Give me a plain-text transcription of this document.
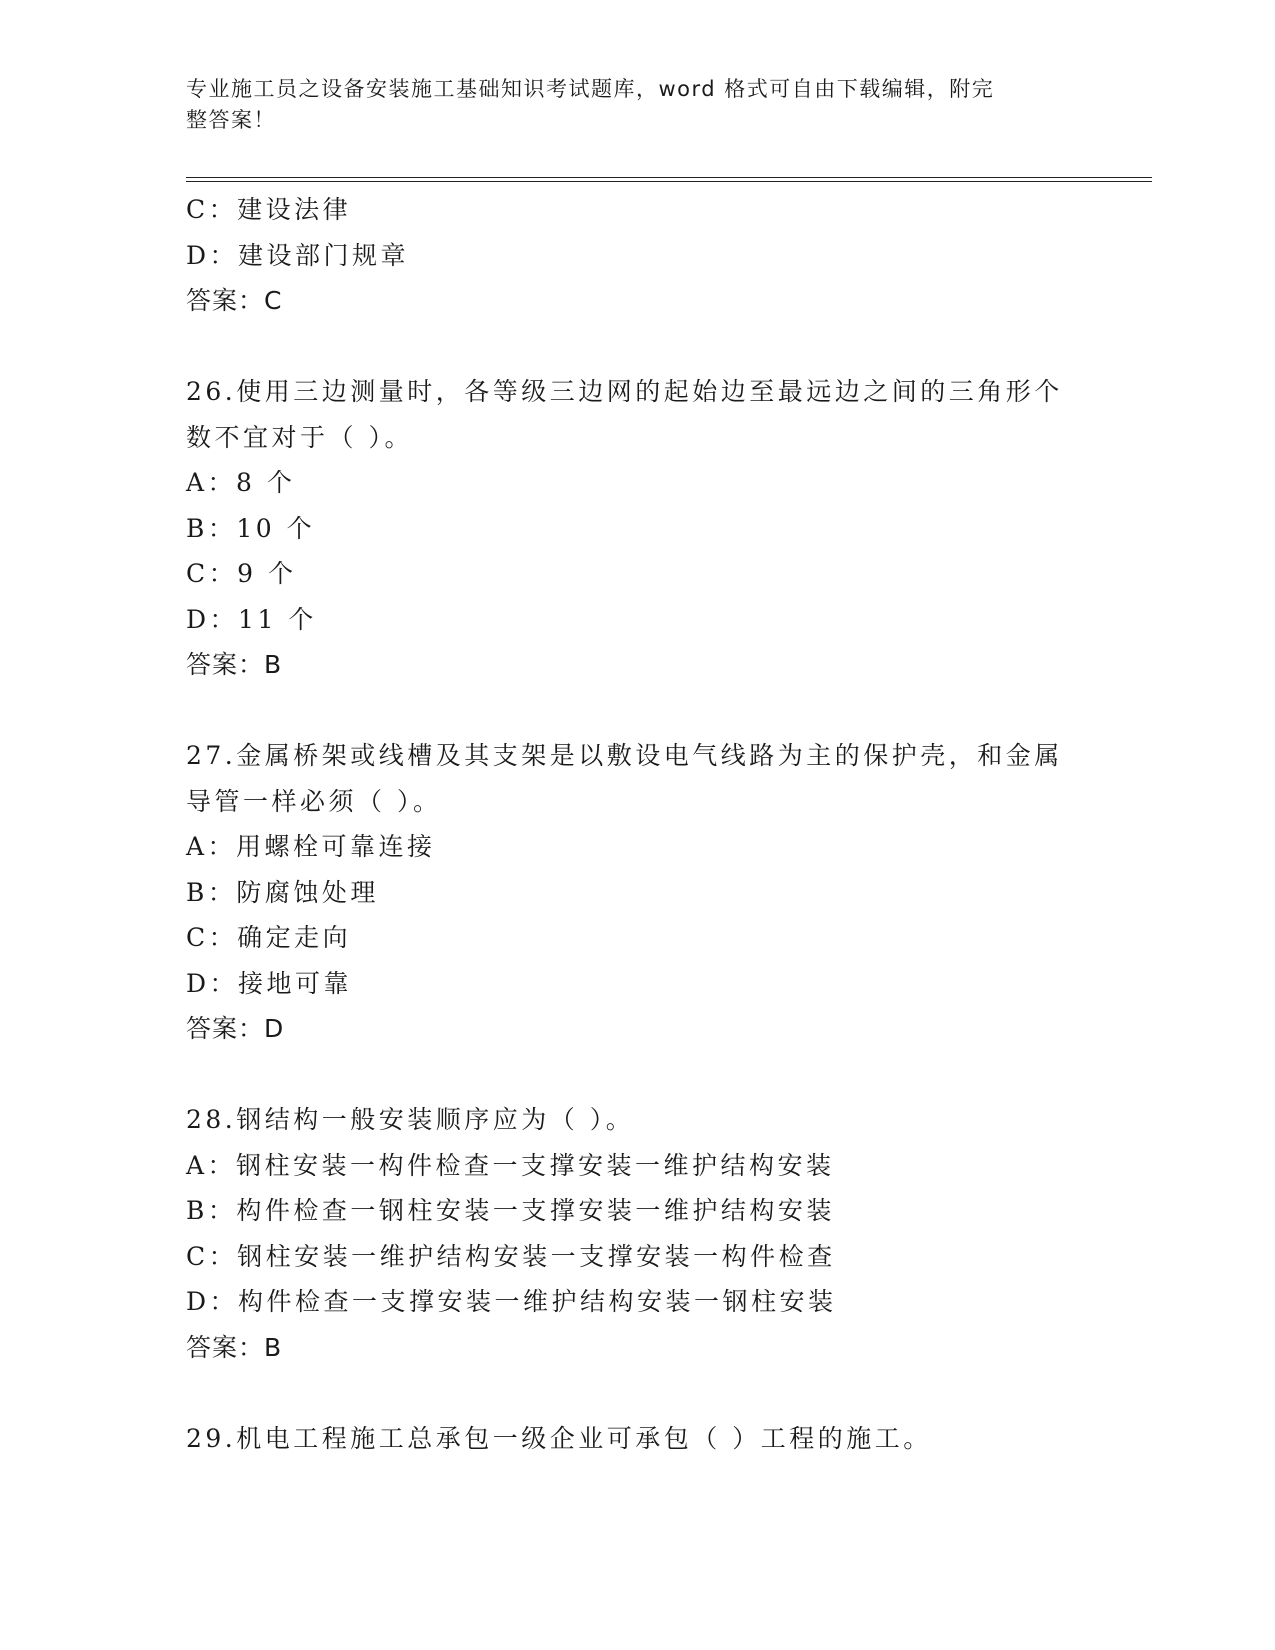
专业施工员之设备安装施工基础知识考试题库，word 格式可自由下载编辑，附完
整答案！
C：建设法律
D：建设部门规章
答案：C
26.使用三边测量时，各等级三边网的起始边至最远边之间的三角形个
数不宜对于（ ）。
A：8 个
B：10 个
C：9 个
D：11 个
答案：B
27.金属桥架或线槽及其支架是以敷设电气线路为主的保护壳，和金属
导管一样必须（ ）。
A：用螺栓可靠连接
B：防腐蚀处理
C：确定走向
D：接地可靠
答案：D
28.钢结构一般安装顺序应为（ ）。
A：钢柱安装一构件检查一支撑安装一维护结构安装
B：构件检查一钢柱安装一支撑安装一维护结构安装
C：钢柱安装一维护结构安装一支撑安装一构件检查
D：构件检查一支撑安装一维护结构安装一钢柱安装
答案：B
29.机电工程施工总承包一级企业可承包（ ）工程的施工。
